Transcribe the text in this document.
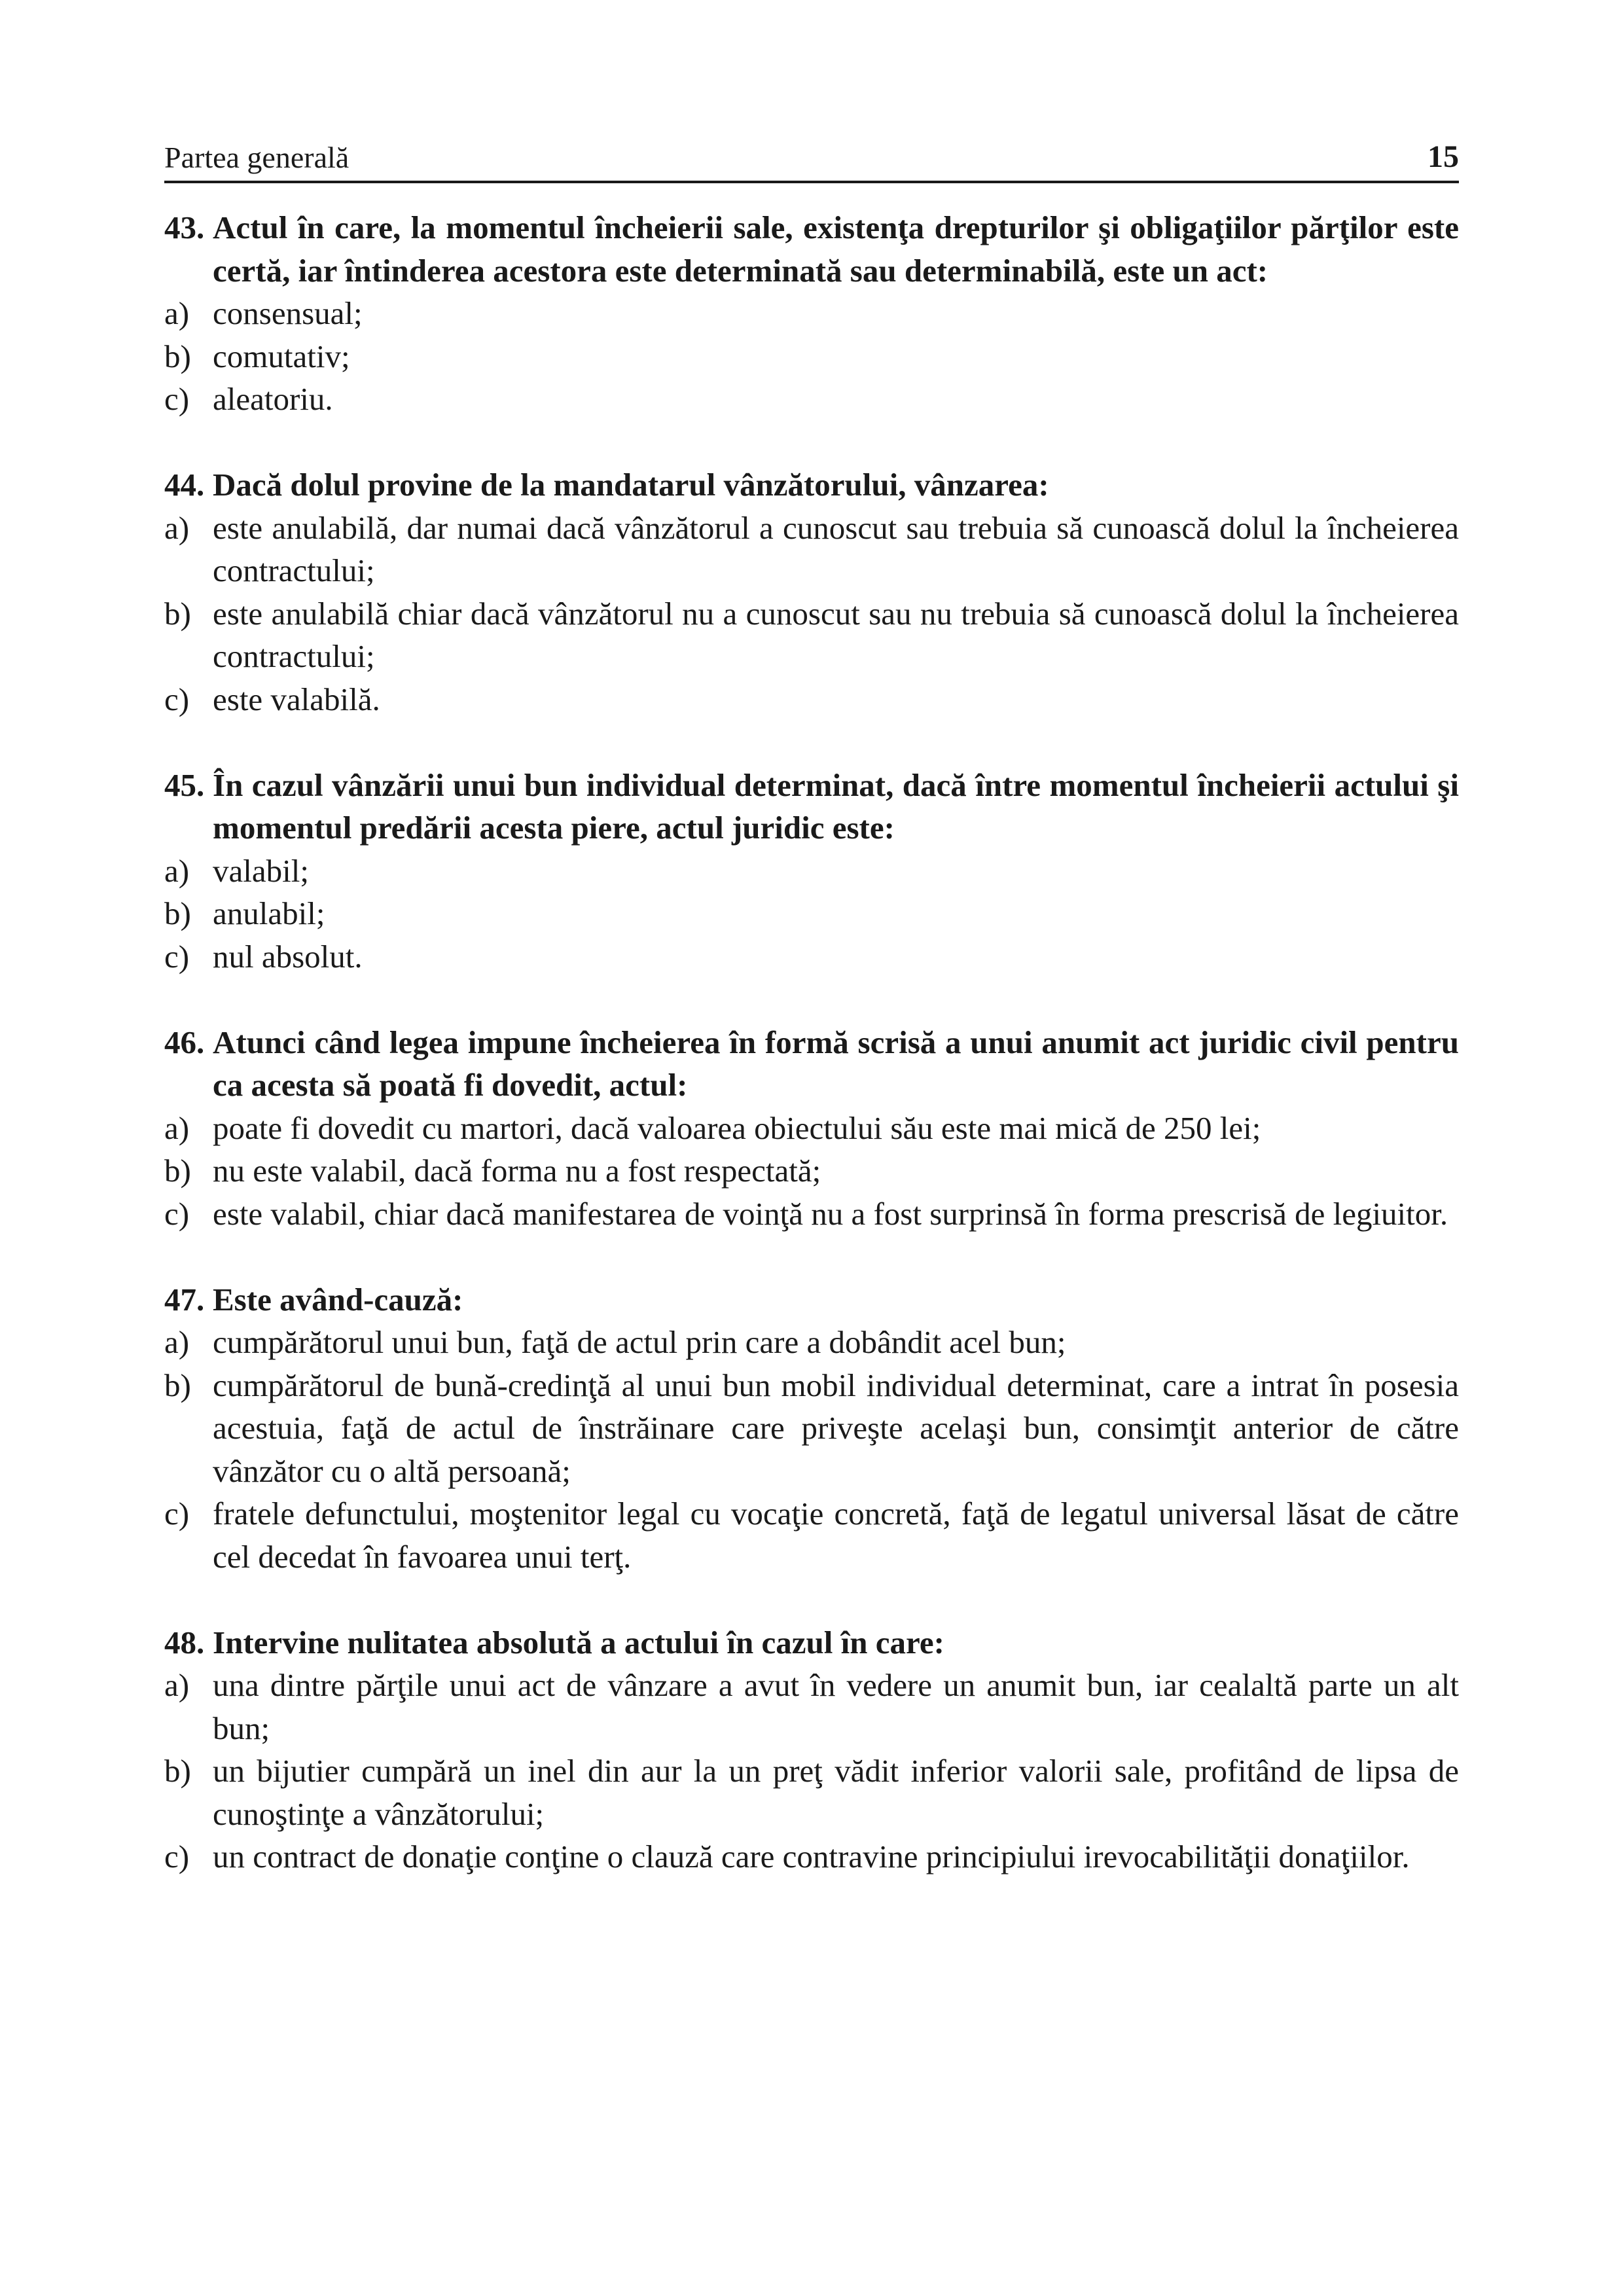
Partea generală	15
43. Actul în care, la momentul încheierii sale, existenţa drepturilor şi obligaţiilor părţilor este certă, iar întinderea acestora este determinată sau determinabilă, este un act:
a) consensual;
b) comutativ;
c) aleatoriu.
44. Dacă dolul provine de la mandatarul vânzătorului, vânzarea:
a) este anulabilă, dar numai dacă vânzătorul a cunoscut sau trebuia să cunoască dolul la încheierea contractului;
b) este anulabilă chiar dacă vânzătorul nu a cunoscut sau nu trebuia să cunoască dolul la încheierea contractului;
c) este valabilă.
45. În cazul vânzării unui bun individual determinat, dacă între momentul încheierii actului şi momentul predării acesta piere, actul juridic este:
a) valabil;
b) anulabil;
c) nul absolut.
46. Atunci când legea impune încheierea în formă scrisă a unui anumit act juridic civil pentru ca acesta să poată fi dovedit, actul:
a) poate fi dovedit cu martori, dacă valoarea obiectului său este mai mică de 250 lei;
b) nu este valabil, dacă forma nu a fost respectată;
c) este valabil, chiar dacă manifestarea de voinţă nu a fost surprinsă în forma prescrisă de legiuitor.
47. Este având-cauză:
a) cumpărătorul unui bun, faţă de actul prin care a dobândit acel bun;
b) cumpărătorul de bună-credinţă al unui bun mobil individual determinat, care a intrat în posesia acestuia, faţă de actul de înstrăinare care priveşte acelaşi bun, consimţit anterior de către vânzător cu o altă persoană;
c) fratele defunctului, moştenitor legal cu vocaţie concretă, faţă de legatul universal lăsat de către cel decedat în favoarea unui terţ.
48. Intervine nulitatea absolută a actului în cazul în care:
a) una dintre părţile unui act de vânzare a avut în vedere un anumit bun, iar cealaltă parte un alt bun;
b) un bijutier cumpără un inel din aur la un preţ vădit inferior valorii sale, profitând de lipsa de cunoştinţe a vânzătorului;
c) un contract de donaţie conţine o clauză care contravine principiului irevocabilităţii donaţiilor.
